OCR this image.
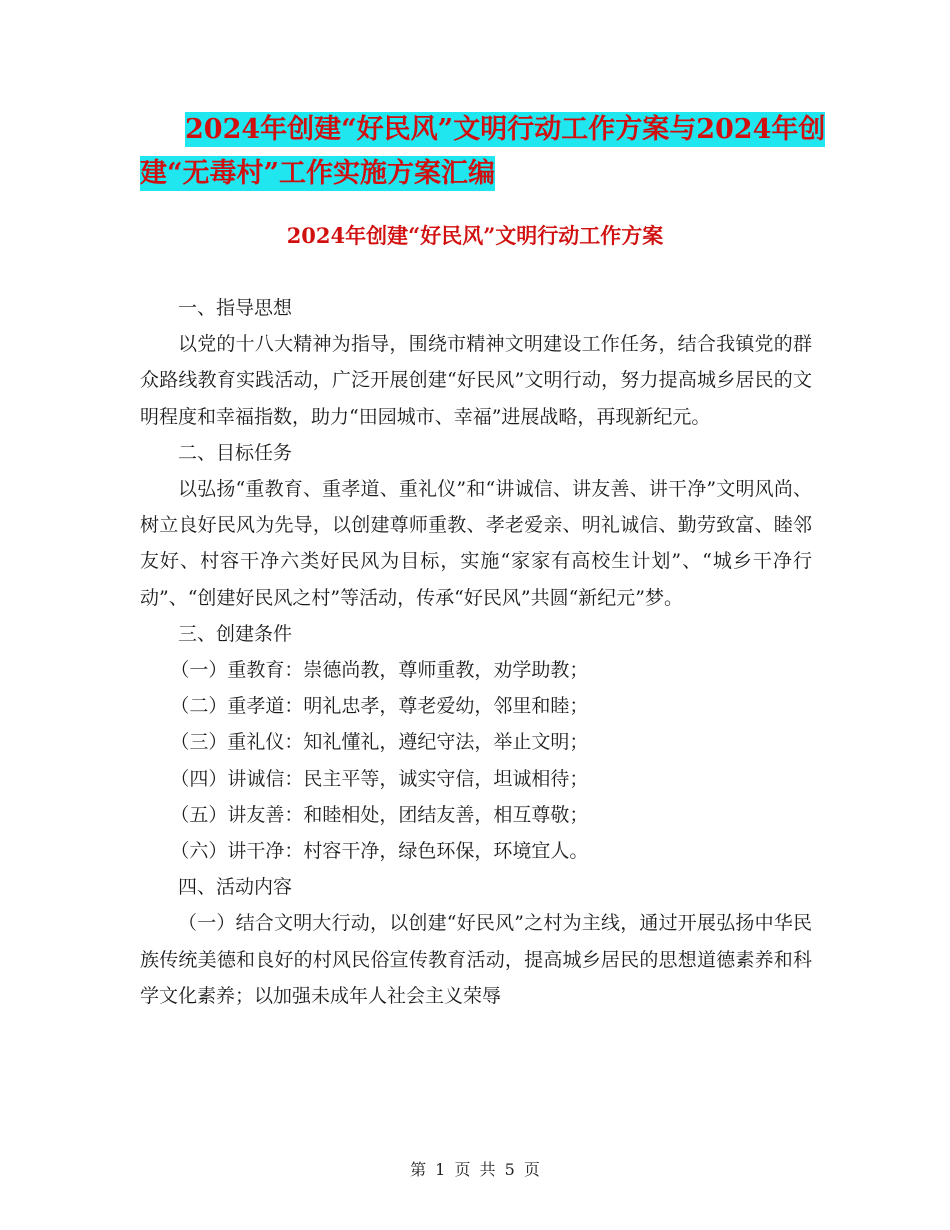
2024年创建“好民风”文明行动工作方案与2024年创
建“无毒村”工作实施方案汇编
2024年创建“好民风”文明行动工作方案

一、指导思想

以党的十八大精神为指导，围绕市精神文明建设工作任务，结合我镇党的群众路线教育实践活动，广泛开展创建“好民风”文明行动，努力提高城乡居民的文明程度和幸福指数，助力“田园城市、幸福”进展战略，再现新纪元。

二、目标任务

以弘扬“重教育、重孝道、重礼仪”和“讲诚信、讲友善、讲干净”文明风尚、树立良好民风为先导，以创建尊师重教、孝老爱亲、明礼诚信、勤劳致富、睦邻友好、村容干净六类好民风为目标，实施“家家有高校生计划”、“城乡干净行动”、“创建好民风之村”等活动，传承“好民风”共圆“新纪元”梦。

三、创建条件

（一）重教育：崇德尚教，尊师重教，劝学助教；

（二）重孝道：明礼忠孝，尊老爱幼，邻里和睦；

（三）重礼仪：知礼懂礼，遵纪守法，举止文明；

（四）讲诚信：民主平等，诚实守信，坦诚相待；

（五）讲友善：和睦相处，团结友善，相互尊敬；

（六）讲干净：村容干净，绿色环保，环境宜人。

四、活动内容

（一）结合文明大行动，以创建“好民风”之村为主线，通过开展弘扬中华民族传统美德和良好的村风民俗宣传教育活动，提高城乡居民的思想道德素养和科学文化素养；以加强未成年人社会主义荣辱

第 1 页 共 5 页
